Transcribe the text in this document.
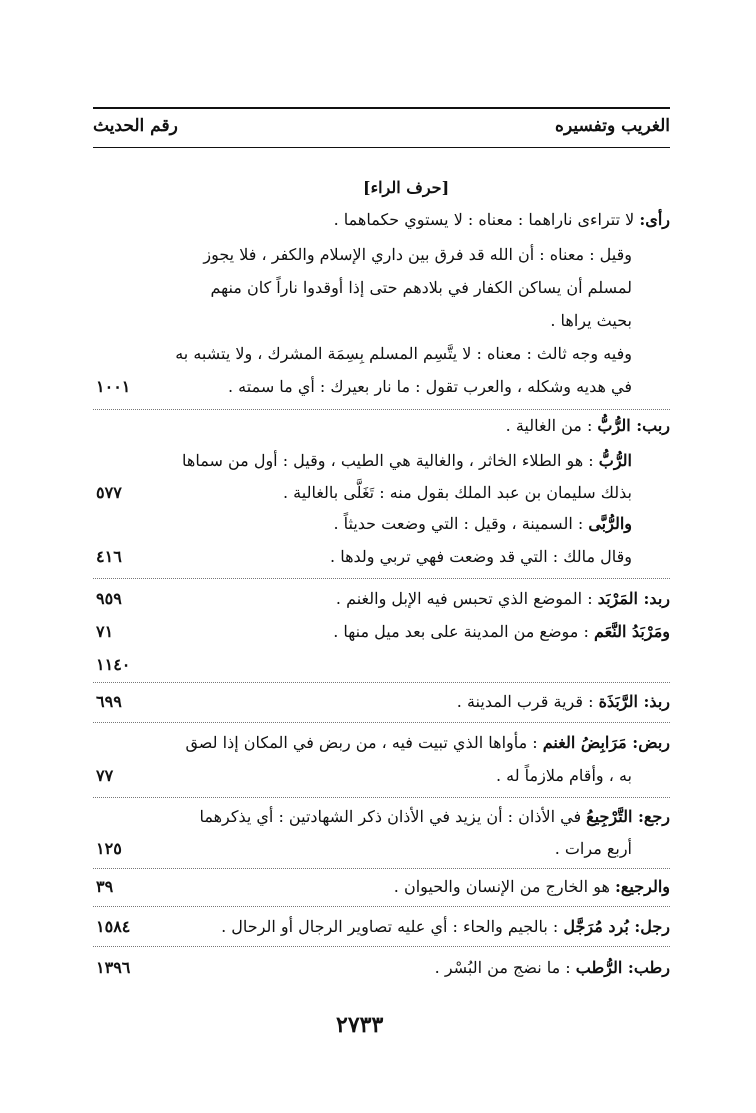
الغريب وتفسيره
رقم الحديث
[حرف الراء]
رأى: لا تتراءى ناراهما : معناه : لا يستوي حكماهما .
وقيل : معناه : أن الله قد فرق بين داري الإسلام والكفر ، فلا يجوز
لمسلم أن يساكن الكفار في بلادهم حتى إذا أوقدوا ناراً كان منهم
بحيث يراها .
وفيه وجه ثالث : معناه : لا يتَّسِم المسلم بِسِمَة المشرك ، ولا يتشبه به
في هديه وشكله ، والعرب تقول : ما نار بعيرك : أي ما سمته .
١٠٠١
ربب: الرُّبُّ : من الغالية .
الرُّبُّ : هو الطلاء الخاثر ، والغالية هي الطيب ، وقيل : أول من سماها
بذلك سليمان بن عبد الملك بقول منه : تَغَلَّى بالغالية .
٥٧٧
والرُّبَّى : السمينة ، وقيل : التي وضعت حديثاً .
وقال مالك : التي قد وضعت فهي تربي ولدها .
٤١٦
ربد: المَرْبَد : الموضع الذي تحبس فيه الإبل والغنم .
٩٥٩
ومَرْبَدُ النَّعَم : موضع من المدينة على بعد ميل منها .
٧١
١١٤٠
ربذ: الرَّبَذَة : قرية قرب المدينة .
٦٩٩
ربض: مَرَابِضُ الغنم : مأواها الذي تبيت فيه ، من ربض في المكان إذا لصق
به ، وأقام ملازماً له .
٧٧
رجع: التَّرْجِيعُ في الأذان : أن يزيد في الأذان ذكر الشهادتين : أي يذكرهما
أربع مرات .
١٢٥
والرجيع: هو الخارج من الإنسان والحيوان .
٣٩
رجل: بُرد مُرَجَّل : بالجيم والحاء : أي عليه تصاوير الرجال أو الرحال .
١٥٨٤
رطب: الرُّطب : ما نضج من البُسْر .
١٣٩٦
٢٧٣٣
